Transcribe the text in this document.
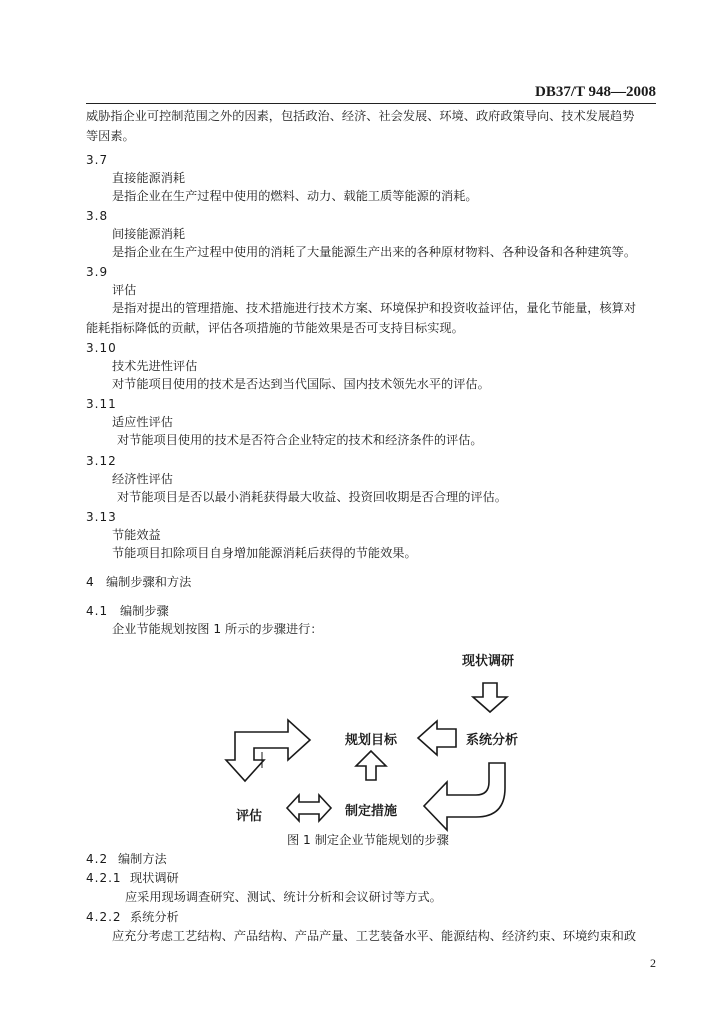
DB37/T 948—2008
威胁指企业可控制范围之外的因素，包括政治、经济、社会发展、环境、政府政策导向、技术发展趋势
等因素。
3.7
直接能源消耗
是指企业在生产过程中使用的燃料、动力、载能工质等能源的消耗。
3.8
间接能源消耗
是指企业在生产过程中使用的消耗了大量能源生产出来的各种原材物料、各种设备和各种建筑等。
3.9
评估
是指对提出的管理措施、技术措施进行技术方案、环境保护和投资收益评估，量化节能量，核算对
能耗指标降低的贡献，评估各项措施的节能效果是否可支持目标实现。
3.10
技术先进性评估
对节能项目使用的技术是否达到当代国际、国内技术领先水平的评估。
3.11
适应性评估
对节能项目使用的技术是否符合企业特定的技术和经济条件的评估。
3.12
经济性评估
对节能项目是否以最小消耗获得最大收益、投资回收期是否合理的评估。
3.13
节能效益
节能项目扣除项目自身增加能源消耗后获得的节能效果。
4　编制步骤和方法
4.1 编制步骤
企业节能规划按图 1 所示的步骤进行：
现状调研
系统分析
规划目标
制定措施
评估
图 1 制定企业节能规划的步骤
4.2 编制方法
4.2.1 现状调研
应采用现场调查研究、测试、统计分析和会议研讨等方式。
4.2.2 系统分析
应充分考虑工艺结构、产品结构、产品产量、工艺装备水平、能源结构、经济约束、环境约束和政
2
